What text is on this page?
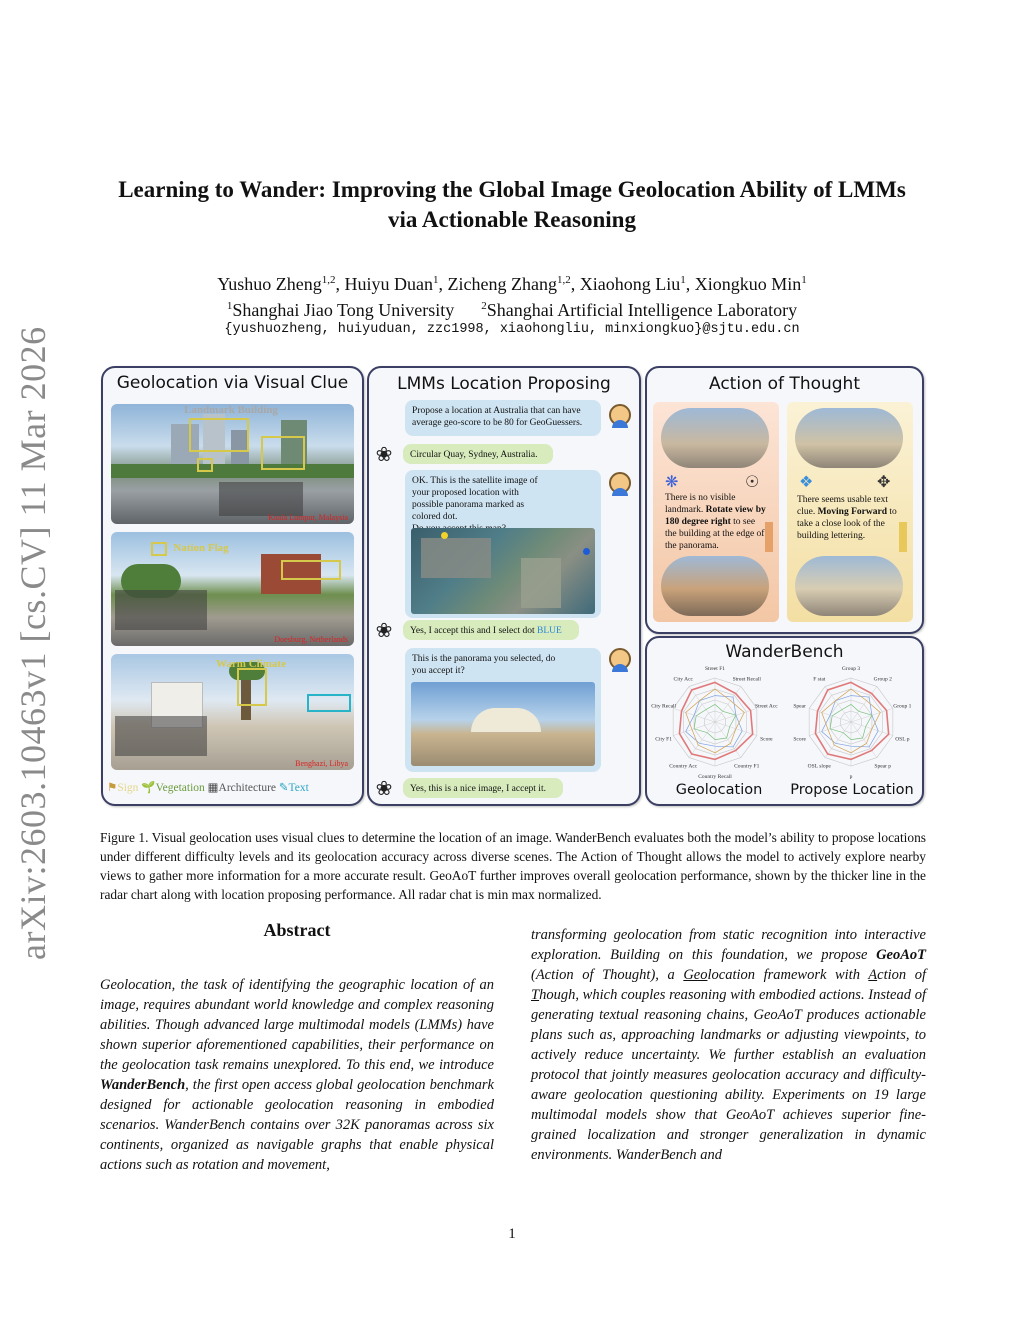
arXiv:2603.10463v1 [cs.CV] 11 Mar 2026
Learning to Wander: Improving the Global Image Geolocation Ability of LMMs
via Actionable Reasoning
Yushuo Zheng$^{1,2}$, Huiyu Duan$^1$, Zicheng Zhang$^{1,2}$, Xiaohong Liu$^1$, Xiongkuo Min$^1$
$^1$Shanghai Jiao Tong University $^2$Shanghai Artificial Intelligence Laboratory
{yushuozheng, huiyuduan, zzc1998, xiaohongliu, minxiongkuo}@sjtu.edu.cn
Geolocation via Visual Clue
Landmark Building
Kuala Lumpur, Malaysia
Nation Flag
Doesburg, Netherlands
Warm Climate
Benghazi, Libya
⚑Sign 🌱Vegetation ▦Architecture ✎Text
LMMs Location Proposing
Propose a location at Australia that can have average geo-score to be 80 for GeoGuessers.
❀	Circular Quay, Sydney, Australia.
OK. This is the satellite image of your proposed location with possible panorama marked as colored dot.
❀	Yes, I accept this and I select dot BLUE
This is the panorama you selected, do you accept it?
❀	Yes, this is a nice image, I accept it.
Action of Thought
❋	☉
There is no visible landmark. Rotate view by 180 degree right to see the building at the edge of the panorama.
❖	✥
There seems usable text clue. Moving Forward to take a close look of the building lettering.
WanderBench
Street F1
Street Recall
Street Acc
Score
Country F1
Country Recall
Country Acc
City F1
City Recall
City Acc
Group 3
Group 2
Group 1
OSL p
Spear p
p
OSL slope
Score
Spear
F stat
Geolocation	Propose Location
Figure 1. Visual geolocation uses visual clues to determine the location of an image. WanderBench evaluates both the model’s ability to propose locations under different difficulty levels and its geolocation accuracy across diverse scenes. The Action of Thought allows the model to actively explore nearby views to gather more information for a more accurate result. GeoAoT further improves overall geolocation performance, shown by the thicker line in the radar chart along with location proposing performance. All radar chat is min max normalized.
Abstract
Geolocation, the task of identifying the geographic location of an image, requires abundant world knowledge and complex reasoning abilities. Though advanced large multimodal models (LMMs) have shown superior aforementioned capabilities, their performance on the geolocation task remains unexplored. To this end, we introduce WanderBench, the first open access global geolocation benchmark designed for actionable geolocation reasoning in embodied scenarios. WanderBench contains over 32K panoramas across six continents, organized as navigable graphs that enable physical actions such as rotation and movement,
transforming geolocation from static recognition into interactive exploration. Building on this foundation, we propose GeoAoT (Action of Thought), a Geolocation framework with Action of Though, which couples reasoning with embodied actions. Instead of generating textual reasoning chains, GeoAoT produces actionable plans such as, approaching landmarks or adjusting viewpoints, to actively reduce uncertainty. We further establish an evaluation protocol that jointly measures geolocation accuracy and difficulty-aware geolocation questioning ability. Experiments on 19 large multimodal models show that GeoAoT achieves superior fine-grained localization and stronger generalization in dynamic environments. WanderBench and
1
